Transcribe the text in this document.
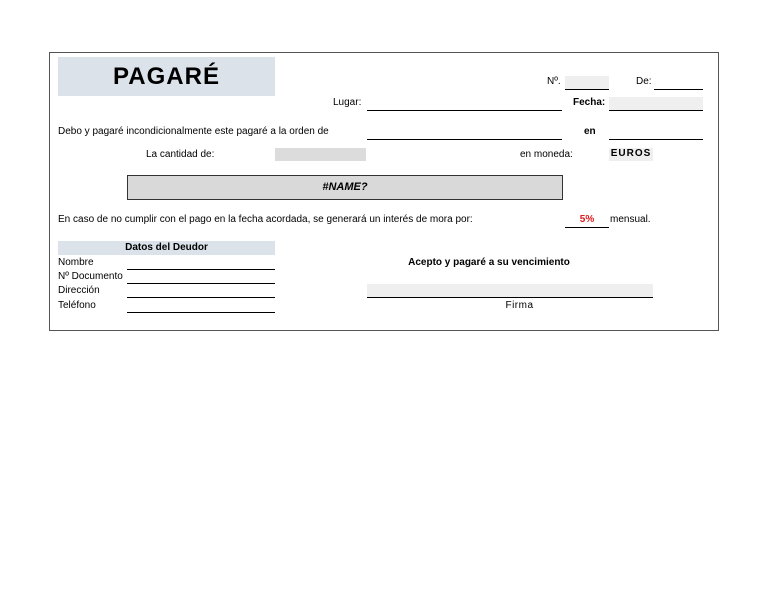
PAGARÉ	Nº.	De:
Lugar:	Fecha:
Debo y pagaré incondicionalmente este pagaré a la orden de	en
La cantidad de:	en moneda:	EUROS
#NAME?
En caso de no cumplir con el pago en la fecha acordada, se generará un interés de mora por:	5%	mensual.
Datos del Deudor
Nombre
Nº Documento
Dirección
Teléfono
Acepto y pagaré a su vencimiento
Firma
